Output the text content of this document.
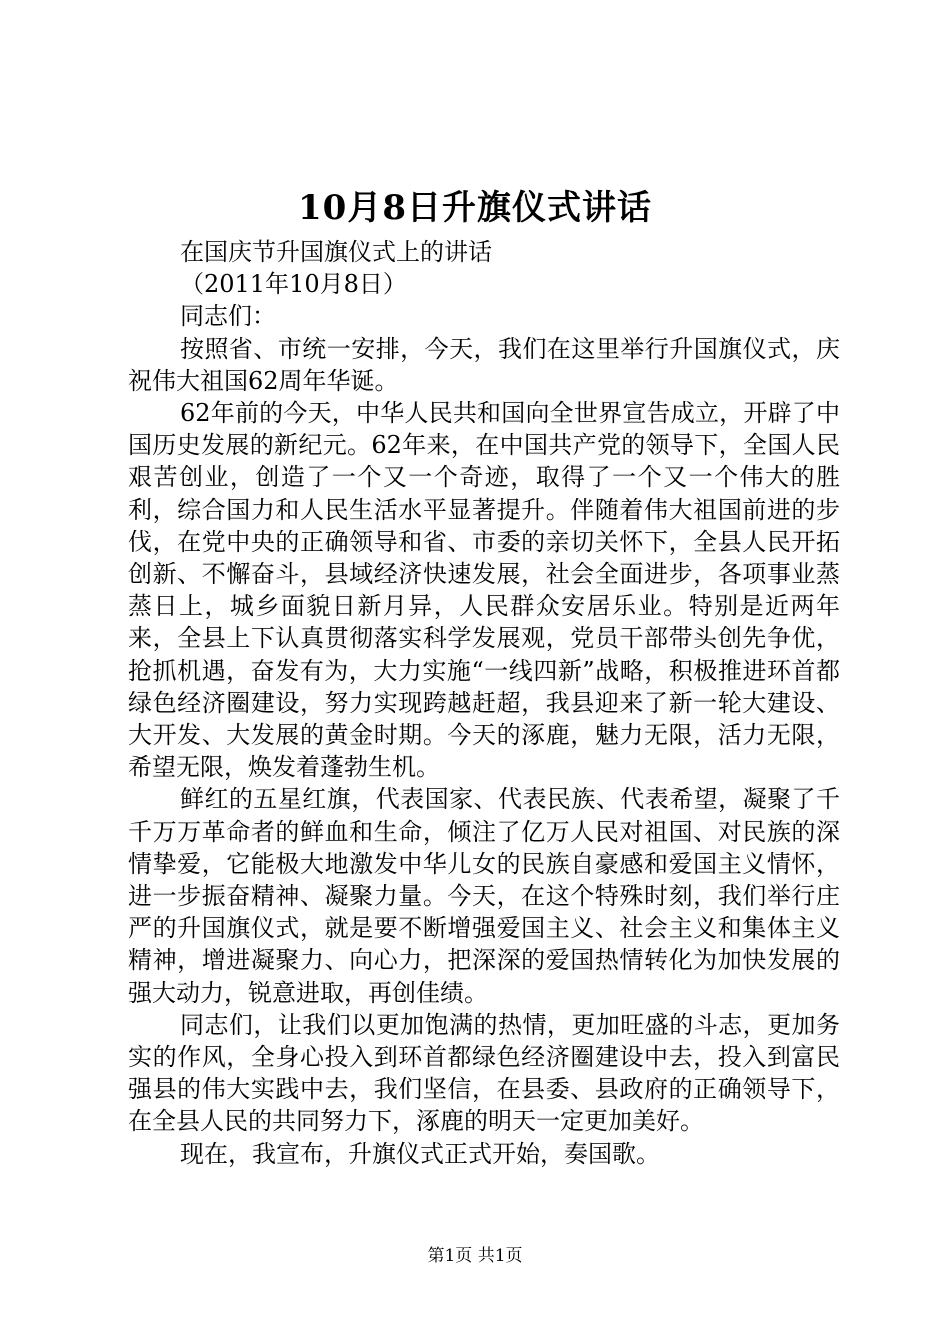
10月8日升旗仪式讲话

在国庆节升国旗仪式上的讲话

（2011年10月8日）

同志们：

按照省、市统一安排，今天，我们在这里举行升国旗仪式，庆祝伟大祖国62周年华诞。

62年前的今天，中华人民共和国向全世界宣告成立，开辟了中国历史发展的新纪元。62年来，在中国共产党的领导下，全国人民艰苦创业，创造了一个又一个奇迹，取得了一个又一个伟大的胜利，综合国力和人民生活水平显著提升。伴随着伟大祖国前进的步伐，在党中央的正确领导和省、市委的亲切关怀下，全县人民开拓创新、不懈奋斗，县域经济快速发展，社会全面进步，各项事业蒸蒸日上，城乡面貌日新月异，人民群众安居乐业。特别是近两年来，全县上下认真贯彻落实科学发展观，党员干部带头创先争优，抢抓机遇，奋发有为，大力实施“一线四新”战略，积极推进环首都绿色经济圈建设，努力实现跨越赶超，我县迎来了新一轮大建设、大开发、大发展的黄金时期。今天的涿鹿，魅力无限，活力无限，希望无限，焕发着蓬勃生机。

鲜红的五星红旗，代表国家、代表民族、代表希望，凝聚了千千万万革命者的鲜血和生命，倾注了亿万人民对祖国、对民族的深情挚爱，它能极大地激发中华儿女的民族自豪感和爱国主义情怀，进一步振奋精神、凝聚力量。今天，在这个特殊时刻，我们举行庄严的升国旗仪式，就是要不断增强爱国主义、社会主义和集体主义精神，增进凝聚力、向心力，把深深的爱国热情转化为加快发展的强大动力，锐意进取，再创佳绩。

同志们，让我们以更加饱满的热情，更加旺盛的斗志，更加务实的作风，全身心投入到环首都绿色经济圈建设中去，投入到富民强县的伟大实践中去，我们坚信，在县委、县政府的正确领导下，在全县人民的共同努力下，涿鹿的明天一定更加美好。

现在，我宣布，升旗仪式正式开始，奏国歌。

第1页 共1页
